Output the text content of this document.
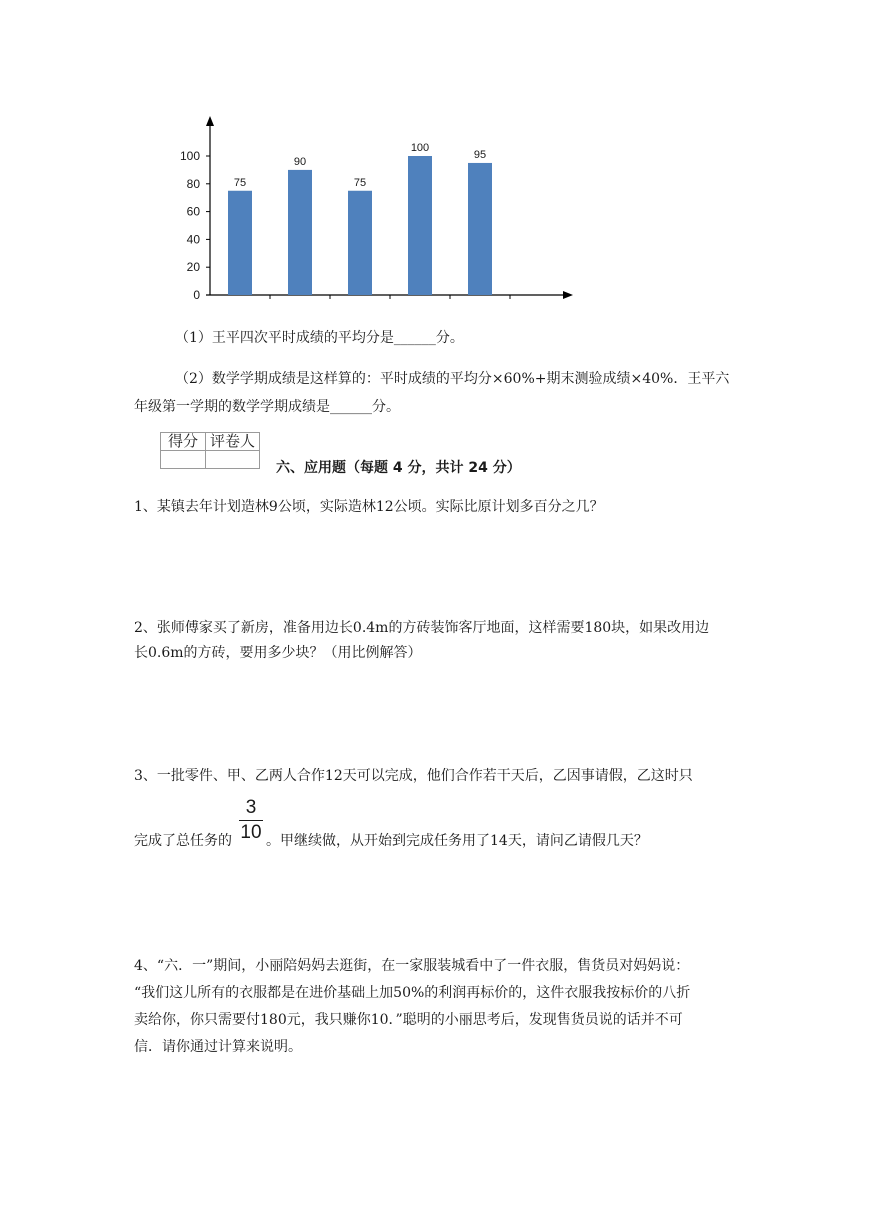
0
20
40
60
80
100
75
90
75
100
95
（1）王平四次平时成绩的平均分是______分。
（2）数学学期成绩是这样算的：平时成绩的平均分×60%+期末测验成绩×40%．王平六
年级第一学期的数学学期成绩是______分。
得分	评卷人

六、应用题（每题 4 分，共计 24 分）
1、某镇去年计划造林9公顷，实际造林12公顷。实际比原计划多百分之几？
2、张师傅家买了新房，准备用边长0.4m的方砖装饰客厅地面，这样需要180块，如果改用边
长0.6m的方砖，要用多少块？（用比例解答）
3、一批零件、甲、乙两人合作12天可以完成，他们合作若干天后，乙因事请假，乙这时只
完成了总任务的
3
10 。甲继续做，从开始到完成任务用了14天，请问乙请假几天？
4、“六．一”期间，小丽陪妈妈去逛街，在一家服装城看中了一件衣服，售货员对妈妈说：
“我们这儿所有的衣服都是在进价基础上加50%的利润再标价的，这件衣服我按标价的八折
卖给你，你只需要付180元，我只赚你10．”聪明的小丽思考后，发现售货员说的话并不可
信．请你通过计算来说明。
